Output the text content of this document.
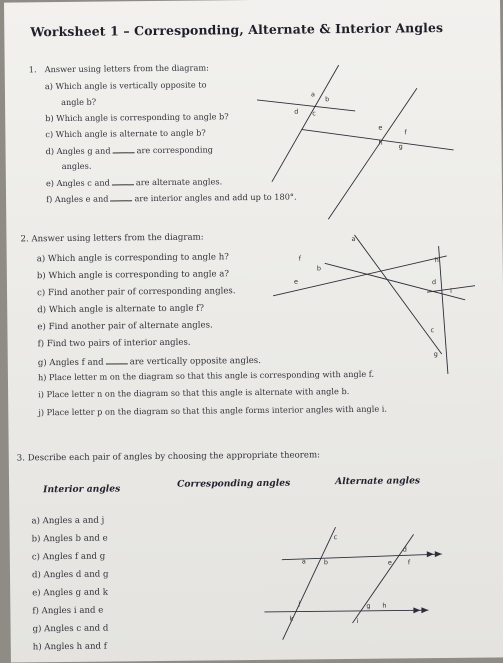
Worksheet 1 – Corresponding, Alternate & Interior Angles
1. Answer using letters from the diagram:
a) Which angle is vertically opposite to
angle b?
b) Which angle is corresponding to angle b?
c) Which angle is alternate to angle b?
d) Angles g and	are corresponding
angles.
e) Angles c and	are alternate angles.
f) Angles e and	are interior angles and add up to 180°.
a
b
d c
e
f
h g
2. Answer using letters from the diagram:
a) Which angle is corresponding to angle h?
b) Which angle is corresponding to angle a?
c) Find another pair of corresponding angles.
d) Which angle is alternate to angle f?
e) Find another pair of alternate angles.
f) Find two pairs of interior angles.
g) Angles f and	are vertically opposite angles.
h) Place letter m on the diagram so that this angle is corresponding with angle f.
i) Place letter n on the diagram so that this angle is alternate with angle b.
j) Place letter p on the diagram so that this angle forms interior angles with angle i.
a
f
b
e
h
d
i
c
g
3. Describe each pair of angles by choosing the appropriate theorem:
Interior angles	Corresponding angles	Alternate angles
a) Angles a and j
b) Angles b and e
c) Angles f and g
d) Angles d and g
e) Angles g and k
f) Angles i and e
g) Angles c and d
h) Angles h and f
c
a	b
d
e f
j
k
g h
i
